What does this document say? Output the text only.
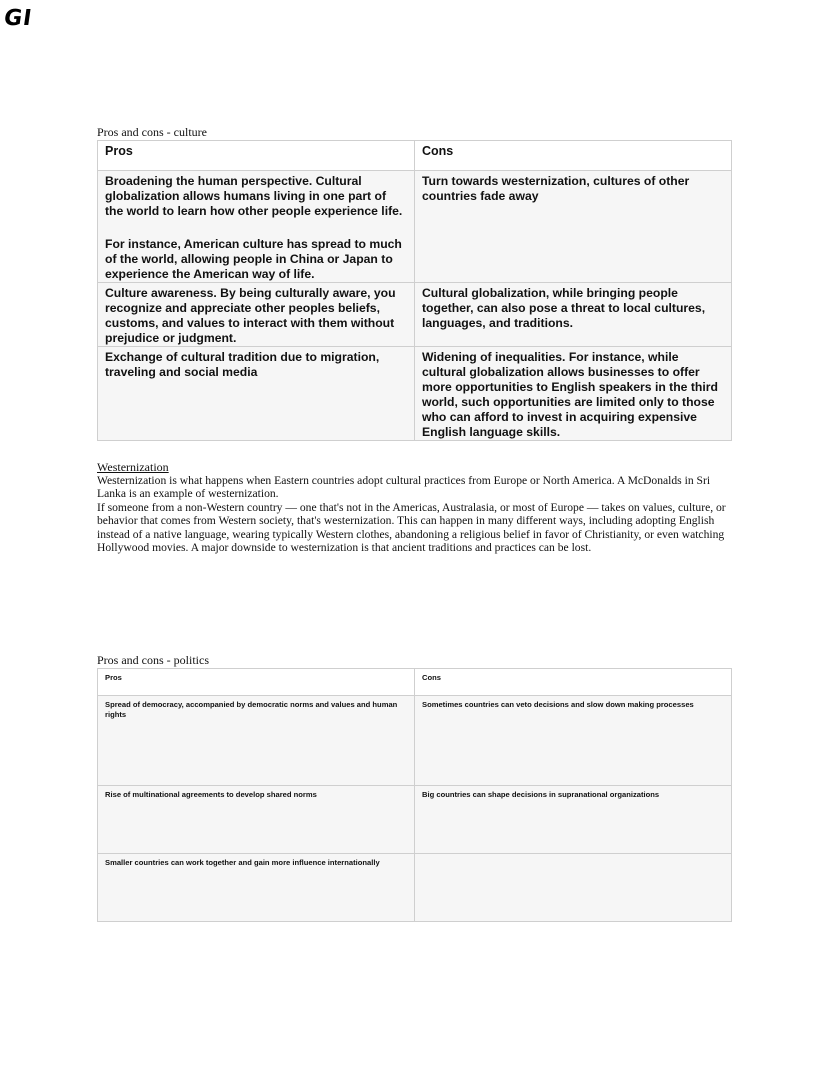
GI
Pros and cons - culture
Pros	Cons

Broadening the human perspective. Cultural globalization allows humans living in one part of the world to learn how other people experience life.
For instance, American culture has spread to much of the world, allowing people in China or Japan to experience the American way of life.	Turn towards westernization, cultures of other countries fade away

Culture awareness. By being culturally aware, you recognize and appreciate other peoples beliefs, customs, and values to interact with them without prejudice or judgment.	Cultural globalization, while bringing people together, can also pose a threat to local cultures, languages, and traditions.

Exchange of cultural tradition due to migration, traveling and social media	Widening of inequalities. For instance, while cultural globalization allows businesses to offer more opportunities to English speakers in the third world, such opportunities are limited only to those who can afford to invest in acquiring expensive English language skills.
Westernization

Westernization is what happens when Eastern countries adopt cultural practices from Europe or North America. A McDonalds in Sri Lanka is an example of westernization.

If someone from a non-Western country — one that's not in the Americas, Australasia, or most of Europe — takes on values, culture, or behavior that comes from Western society, that's westernization. This can happen in many different ways, including adopting English instead of a native language, wearing typically Western clothes, abandoning a religious belief in favor of Christianity, or even watching Hollywood movies. A major downside to westernization is that ancient traditions and practices can be lost.

Pros and cons - politics
Pros	Cons

Spread of democracy, accompanied by democratic norms and values and human rights	Sometimes countries can veto decisions and slow down making processes

Rise of multinational agreements to develop shared norms	Big countries can shape decisions in supranational organizations

Smaller countries can work together and gain more influence internationally	
